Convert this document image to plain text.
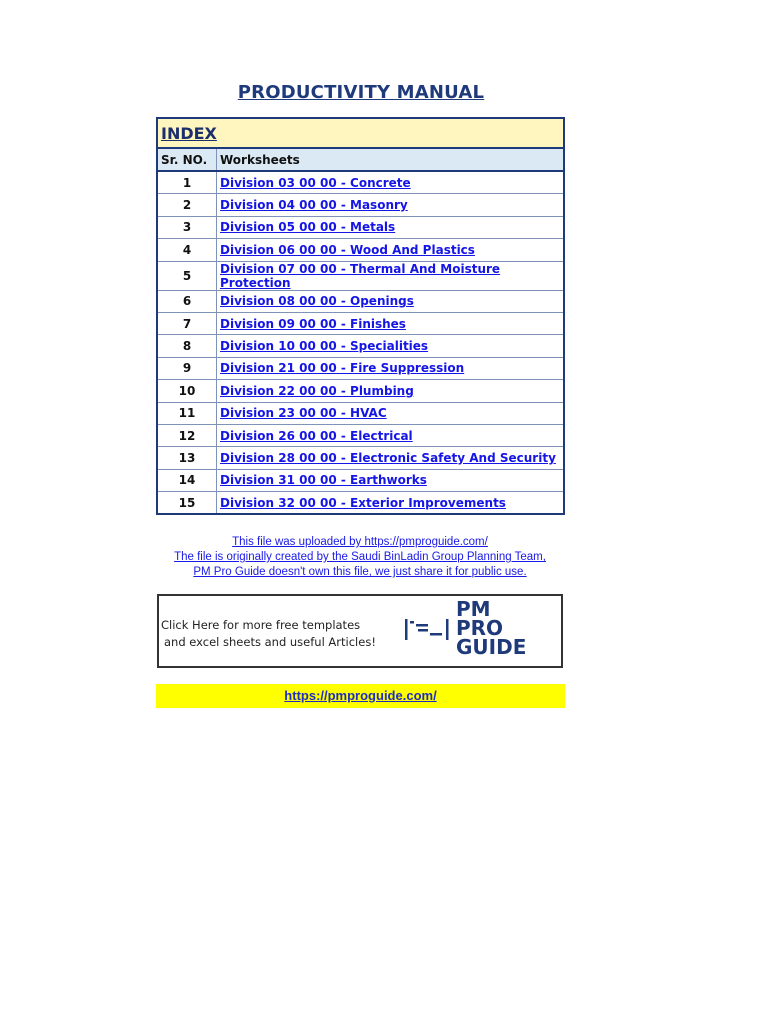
PRODUCTIVITY MANUAL
INDEX	
Sr. NO.	Worksheets
1	Division 03 00 00 - Concrete
2	Division 04 00 00 - Masonry
3	Division 05 00 00 - Metals
4	Division 06 00 00 - Wood And Plastics
5	Division 07 00 00 - Thermal And Moisture Protection
6	Division 08 00 00 - Openings
7	Division 09 00 00 - Finishes
8	Division 10 00 00 - Specialities
9	Division 21 00 00 - Fire Suppression
10	Division 22 00 00 - Plumbing
11	Division 23 00 00 - HVAC
12	Division 26 00 00 - Electrical
13	Division 28 00 00 - Electronic Safety And Security
14	Division 31 00 00 - Earthworks
15	Division 32 00 00 - Exterior Improvements
This file was uploaded by https://pmproguide.com/
The file is originally created by the Saudi BinLadin Group Planning Team,
PM Pro Guide doesn't own this file, we just share it for public use.
Click Here for more free templates
and excel sheets and useful Articles!
PM
PRO
GUIDE
https://pmproguide.com/
